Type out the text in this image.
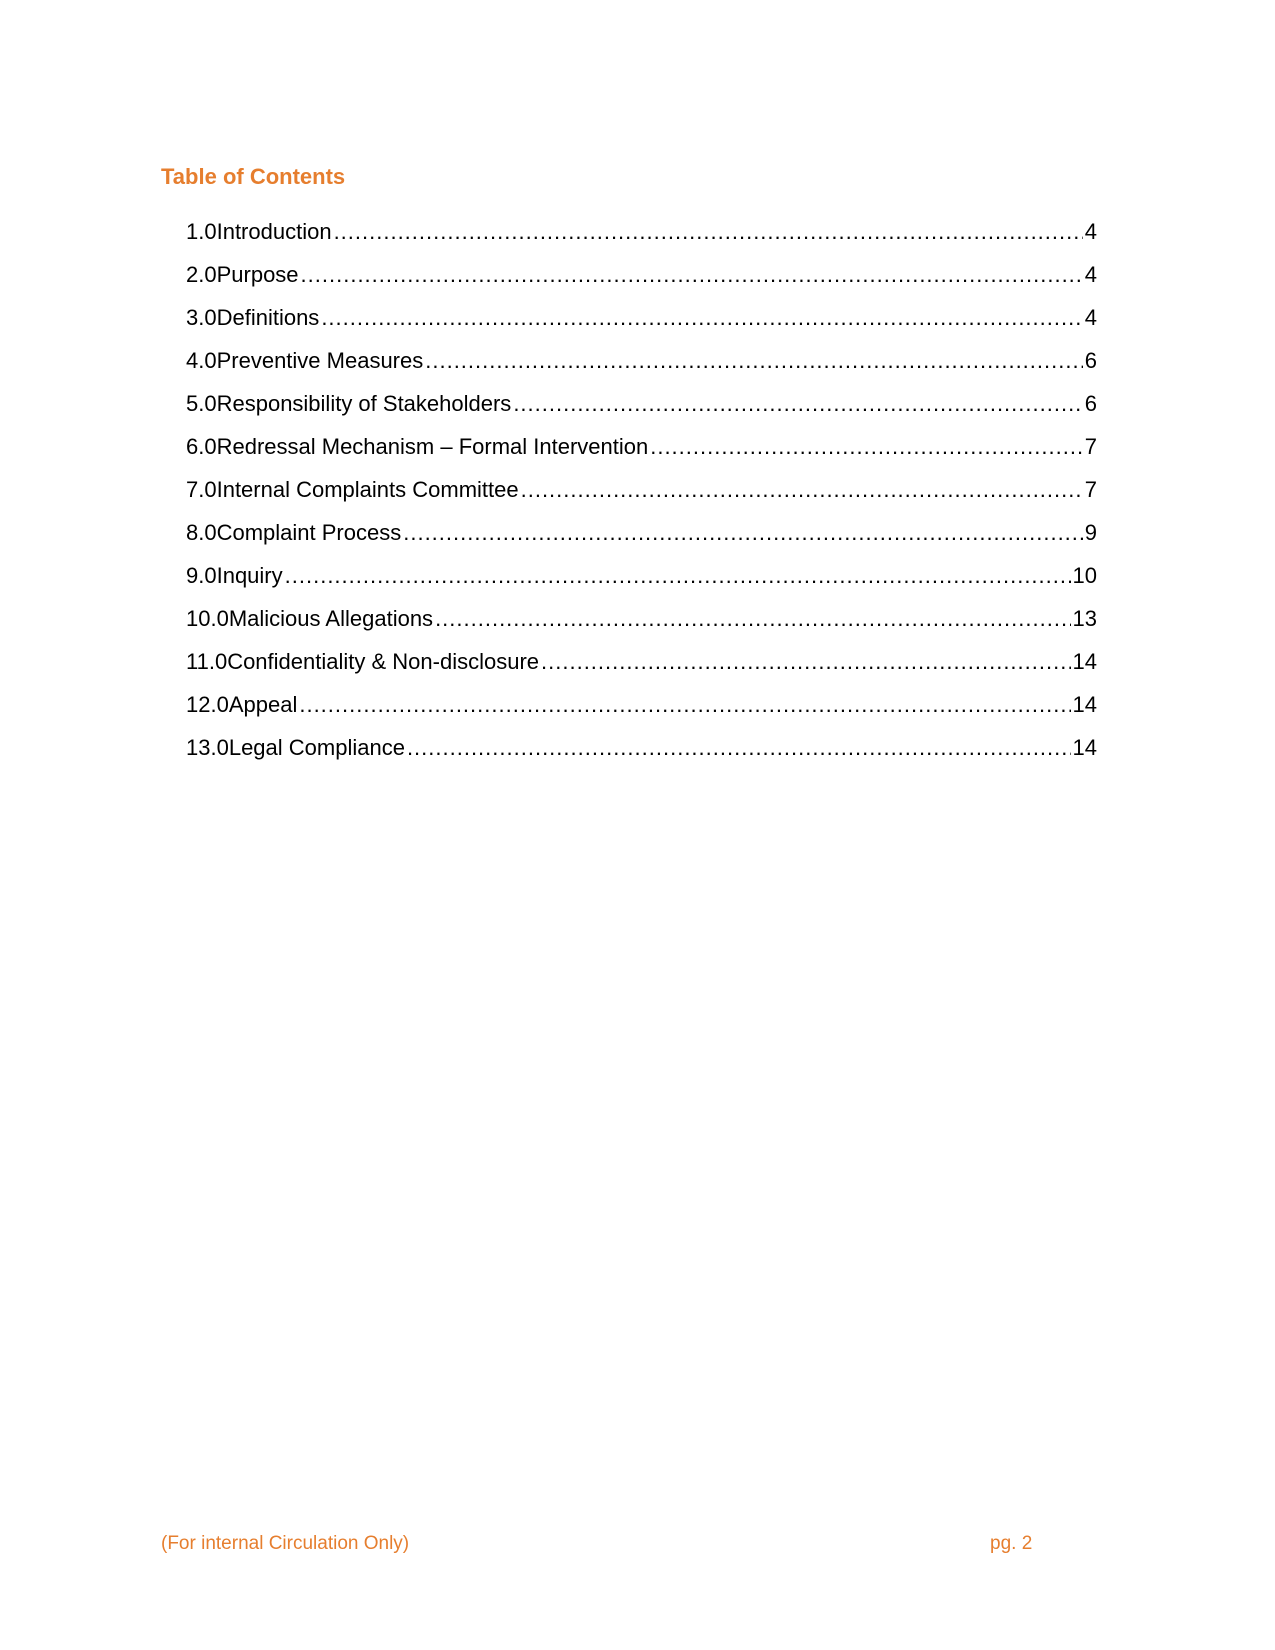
Table of Contents
1.0 Introduction .....	4
2.0 Purpose .....	4
3.0 Definitions .....	4
4.0 Preventive Measures .....	6
5.0 Responsibility of Stakeholders .....	6
6.0 Redressal Mechanism – Formal Intervention .....	7
7.0 Internal Complaints Committee .....	7
8.0 Complaint Process .....	9
9.0 Inquiry .....	10
10.0 Malicious Allegations .....	13
11.0 Confidentiality & Non-disclosure .....	14
12.0 Appeal .....	14
13.0 Legal Compliance .....	14
(For internal Circulation Only)	pg. 2
